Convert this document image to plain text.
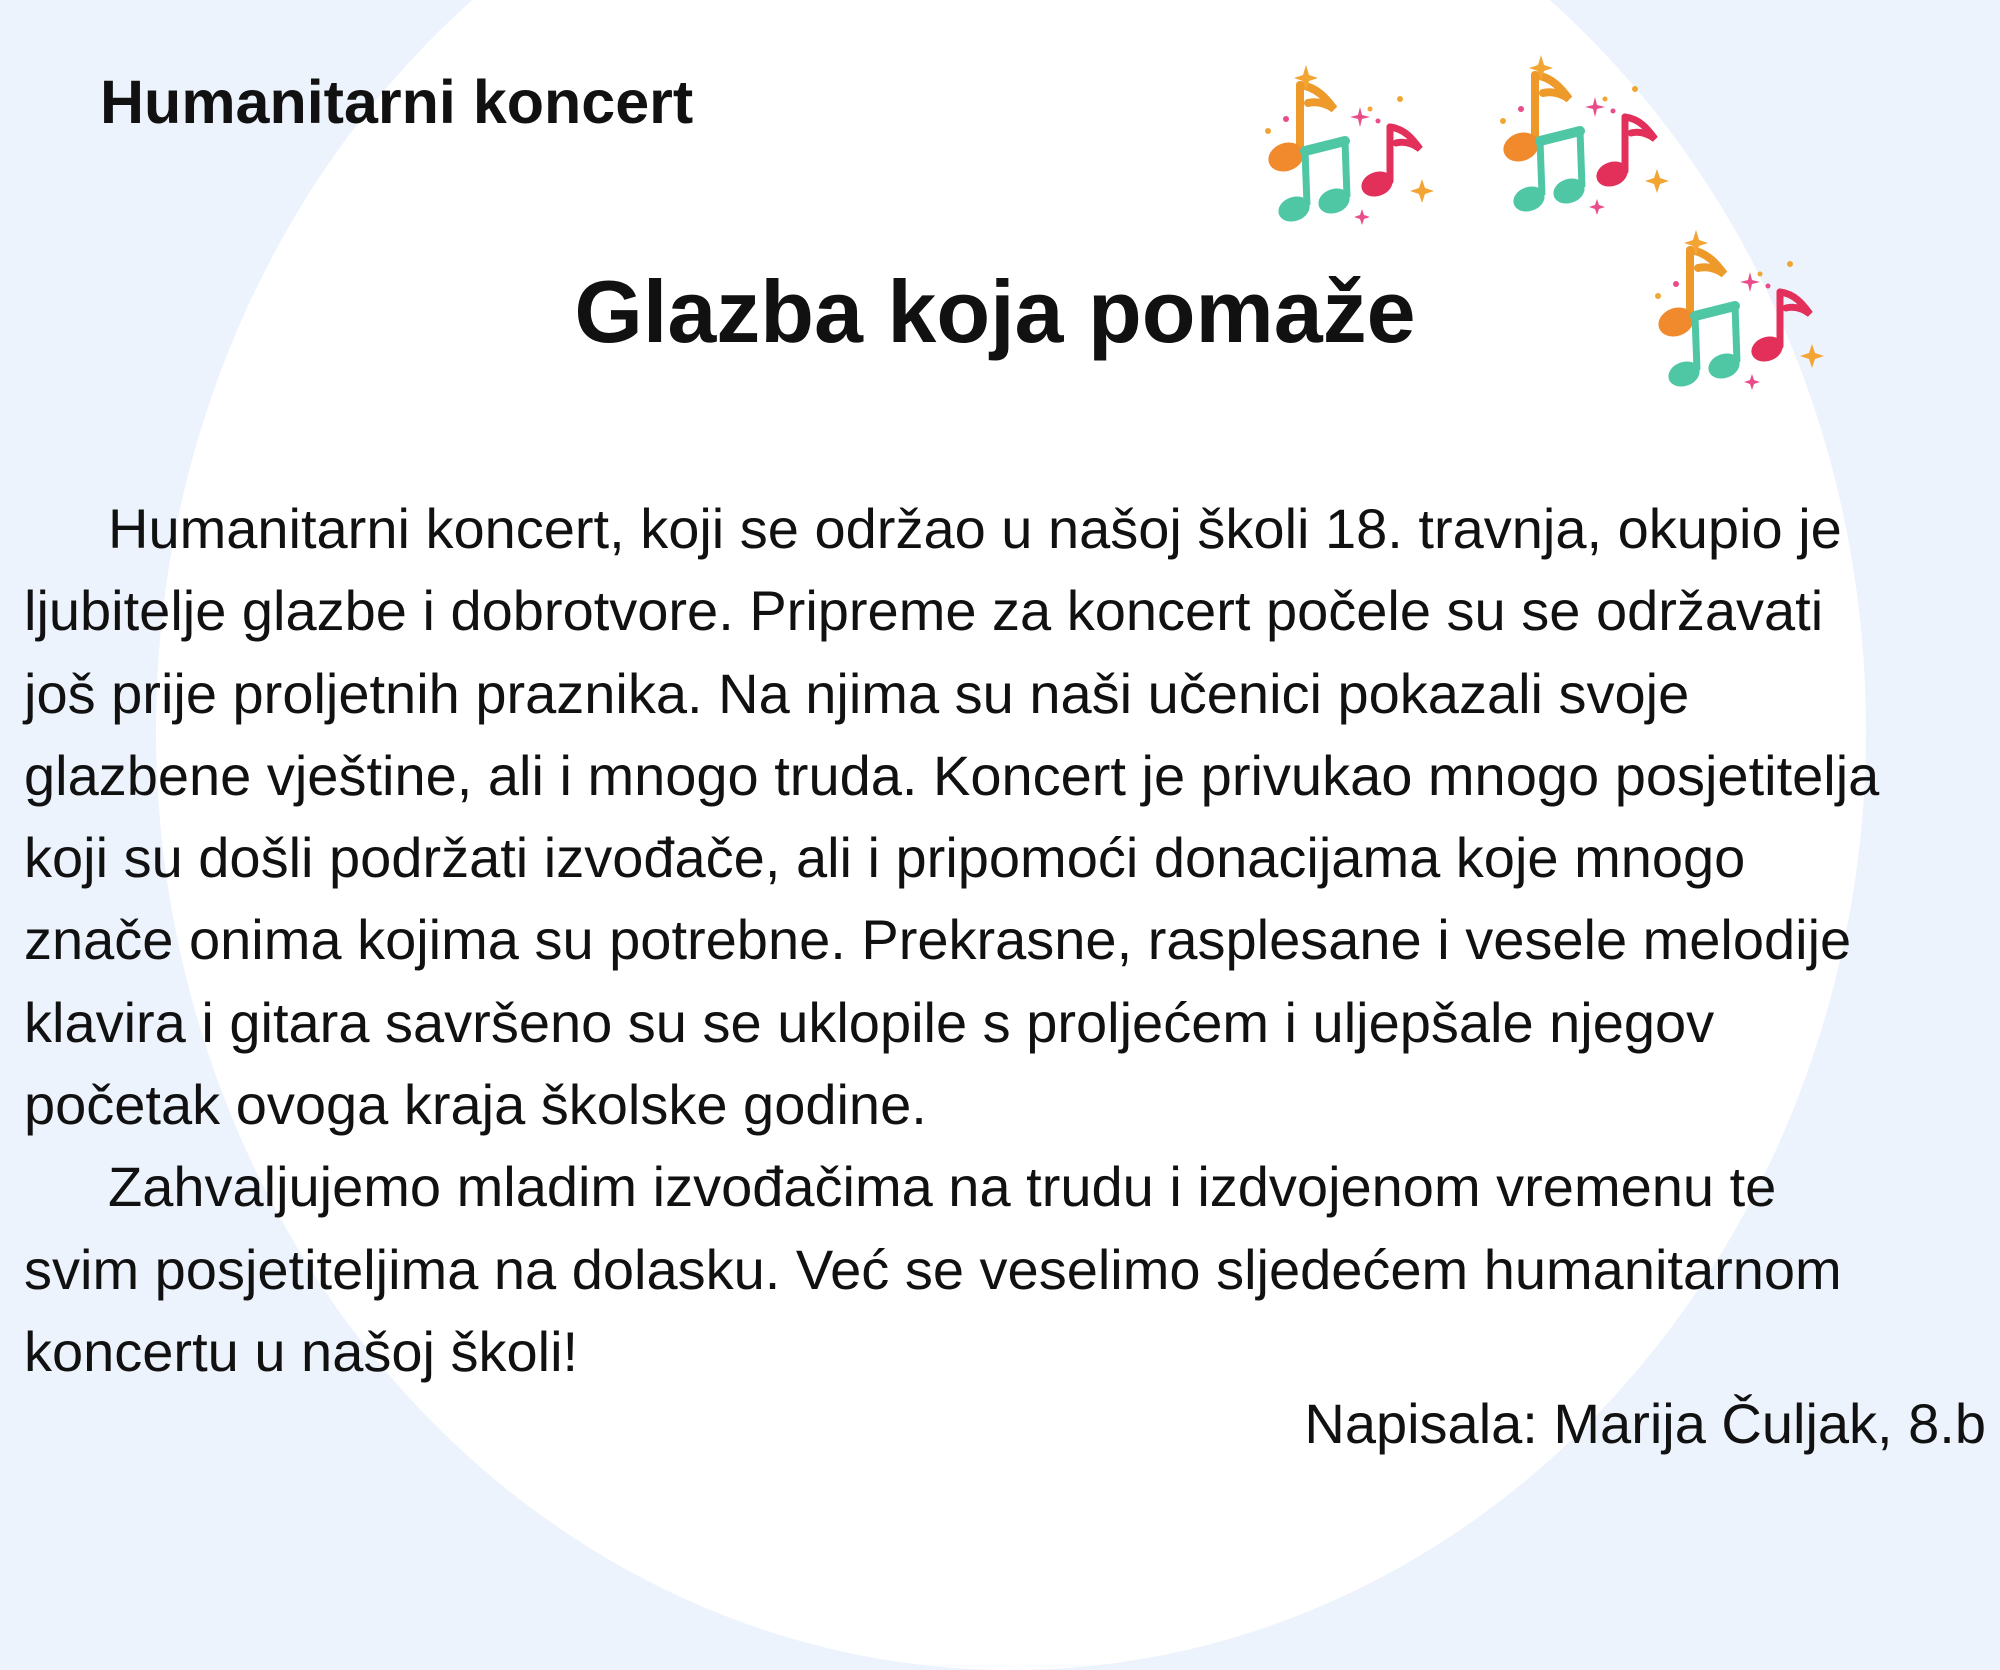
Humanitarni koncert
Glazba koja pomaže
Humanitarni koncert, koji se održao u našoj školi 18. travnja, okupio je
ljubitelje glazbe i dobrotvore. Pripreme za koncert počele su se održavati
još prije proljetnih praznika. Na njima su naši učenici pokazali svoje
glazbene vještine, ali i mnogo truda. Koncert je privukao mnogo posjetitelja
koji su došli podržati izvođače, ali i pripomoći donacijama koje mnogo
znače onima kojima su potrebne. Prekrasne, rasplesane i vesele melodije
klavira i gitara savršeno su se uklopile s proljećem i uljepšale njegov
početak ovoga kraja školske godine.
Zahvaljujemo mladim izvođačima na trudu i izdvojenom vremenu te
svim posjetiteljima na dolasku. Već se veselimo sljedećem humanitarnom
koncertu u našoj školi!
Napisala: Marija Čuljak, 8.b
